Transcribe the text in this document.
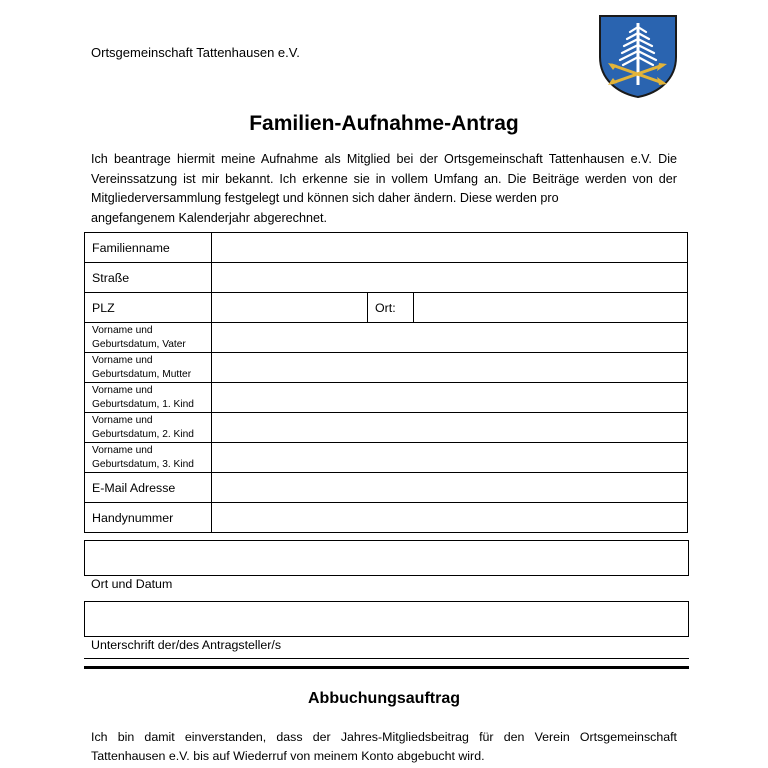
Ortsgemeinschaft Tattenhausen e.V.
Familien-Aufnahme-Antrag
Ich beantrage hiermit meine Aufnahme als Mitglied bei der Ortsgemeinschaft Tattenhausen e.V. Die Vereinssatzung ist mir bekannt. Ich erkenne sie in vollem Umfang an. Die Beiträge werden von der Mitgliederversammlung festgelegt und können sich daher ändern. Diese werden pro
angefangenem Kalenderjahr abgerechnet.
Familienname			
Straße			
PLZ		Ort:	

Vorname und
Geburtsdatum, Vater			

Vorname und
Geburtsdatum, Mutter			

Vorname und
Geburtsdatum, 1. Kind			

Vorname und
Geburtsdatum, 2. Kind			

Vorname und
Geburtsdatum, 3. Kind			

E-Mail Adresse			
Handynummer			
Ort und Datum
Unterschrift der/des Antragsteller/s
Abbuchungsauftrag
Ich bin damit einverstanden, dass der Jahres-Mitgliedsbeitrag für den Verein Ortsgemeinschaft Tattenhausen e.V. bis auf Wiederruf von meinem Konto abgebucht wird.
